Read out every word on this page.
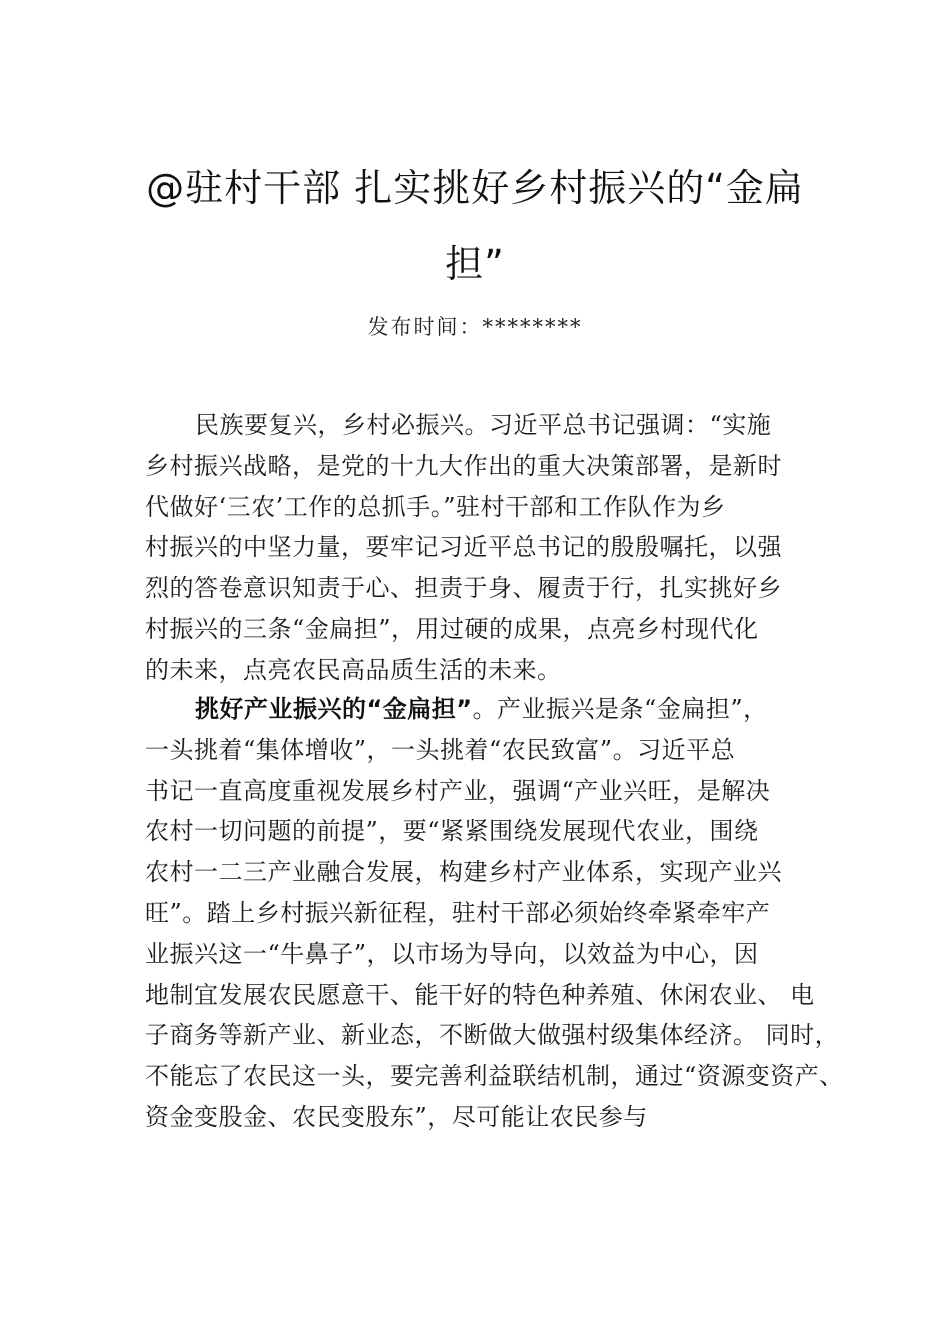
@驻村干部 扎实挑好乡村振兴的“金扁
担”
发布时间：********
民族要复兴，乡村必振兴。习近平总书记强调：“实施
乡村振兴战略，是党的十九大作出的重大决策部署，是新时
代做好‘三农’工作的总抓手。”驻村干部和工作队作为乡
村振兴的中坚力量，要牢记习近平总书记的殷殷嘱托，以强
烈的答卷意识知责于心、担责于身、履责于行，扎实挑好乡
村振兴的三条“金扁担”，用过硬的成果，点亮乡村现代化
的未来，点亮农民高品质生活的未来。
挑好产业振兴的“金扁担”。产业振兴是条“金扁担”，
一头挑着“集体增收”，一头挑着“农民致富”。习近平总
书记一直高度重视发展乡村产业，强调“产业兴旺，是解决
农村一切问题的前提”，要“紧紧围绕发展现代农业，围绕
农村一二三产业融合发展，构建乡村产业体系，实现产业兴
旺”。踏上乡村振兴新征程，驻村干部必须始终牵紧牵牢产
业振兴这一“牛鼻子”，以市场为导向，以效益为中心，因
地制宜发展农民愿意干、能干好的特色种养殖、休闲农业、 电
子商务等新产业、新业态，不断做大做强村级集体经济。 同时，
不能忘了农民这一头，要完善利益联结机制，通过“资源变资产、
资金变股金、农民变股东”，尽可能让农民参与
